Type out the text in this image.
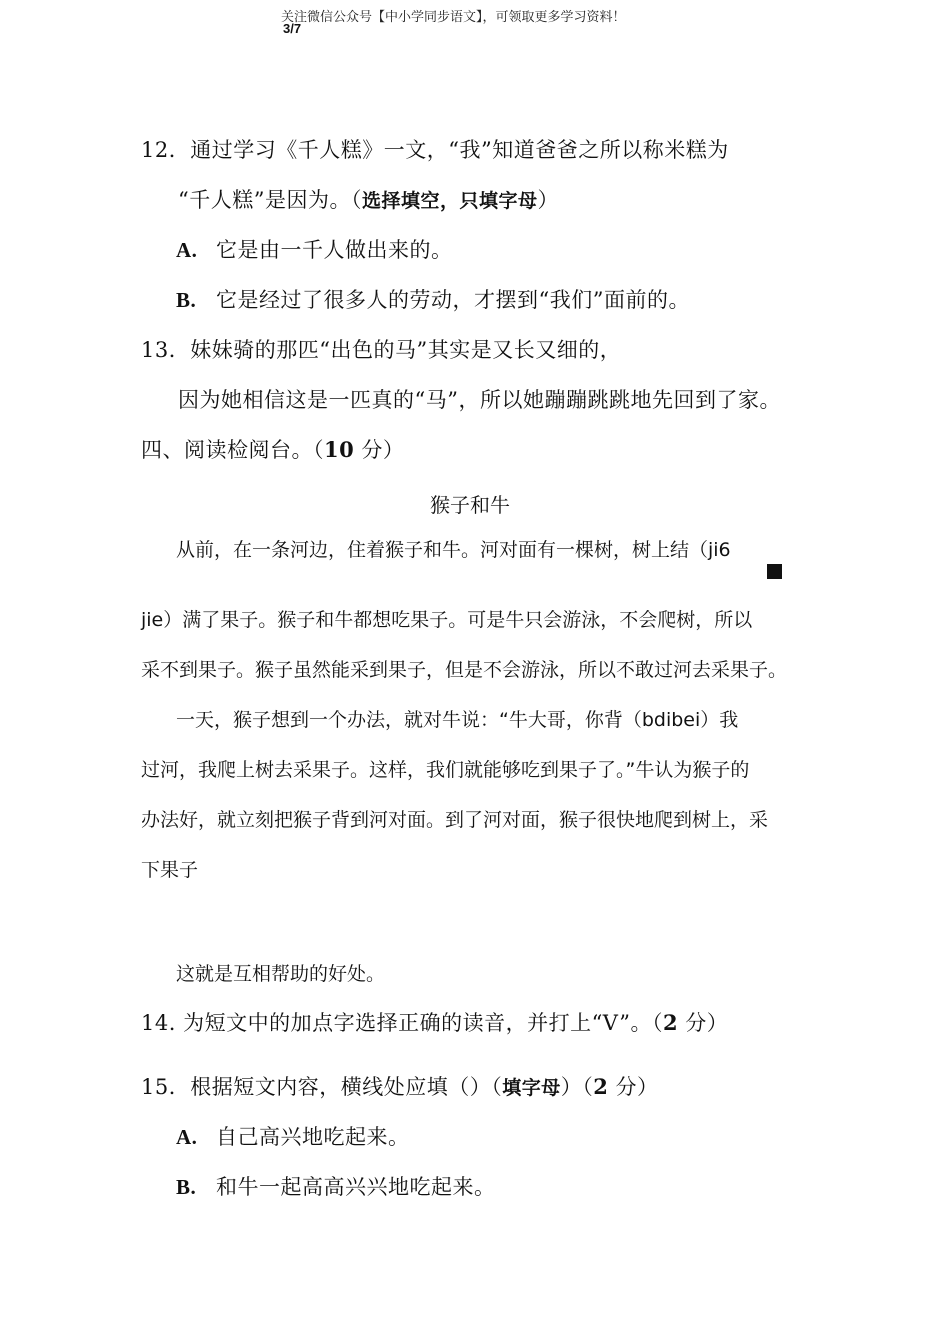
关注微信公众号【中小学同步语文】，可领取更多学习资料！
3/7
12．通过学习《千人糕》一文，“我”知道爸爸之所以称米糕为
“千人糕”是因为。（选择填空，只填字母）
A. 它是由一千人做出来的。
B. 它是经过了很多人的劳动，才摆到“我们”面前的。
13．妹妹骑的那匹“出色的马”其实是又长又细的，
因为她相信这是一匹真的“马”，所以她蹦蹦跳跳地先回到了家。
四、阅读检阅台。（10 分）
猴子和牛
从前，在一条河边，住着猴子和牛。河对面有一棵树，树上结（ji6
jie）满了果子。猴子和牛都想吃果子。可是牛只会游泳，不会爬树，所以
采不到果子。猴子虽然能采到果子，但是不会游泳，所以不敢过河去采果子。
一天，猴子想到一个办法，就对牛说：“牛大哥，你背（bdibei）我
过河，我爬上树去采果子。这样，我们就能够吃到果子了。”牛认为猴子的
办法好，就立刻把猴子背到河对面。到了河对面，猴子很快地爬到树上，采
下果子
这就是互相帮助的好处。
14. 为短文中的加点字选择正确的读音，并打上“V”。（2 分）
15．根据短文内容，横线处应填（）（填字母）（2 分）
A. 自己高兴地吃起来。
B. 和牛一起高高兴兴地吃起来。
